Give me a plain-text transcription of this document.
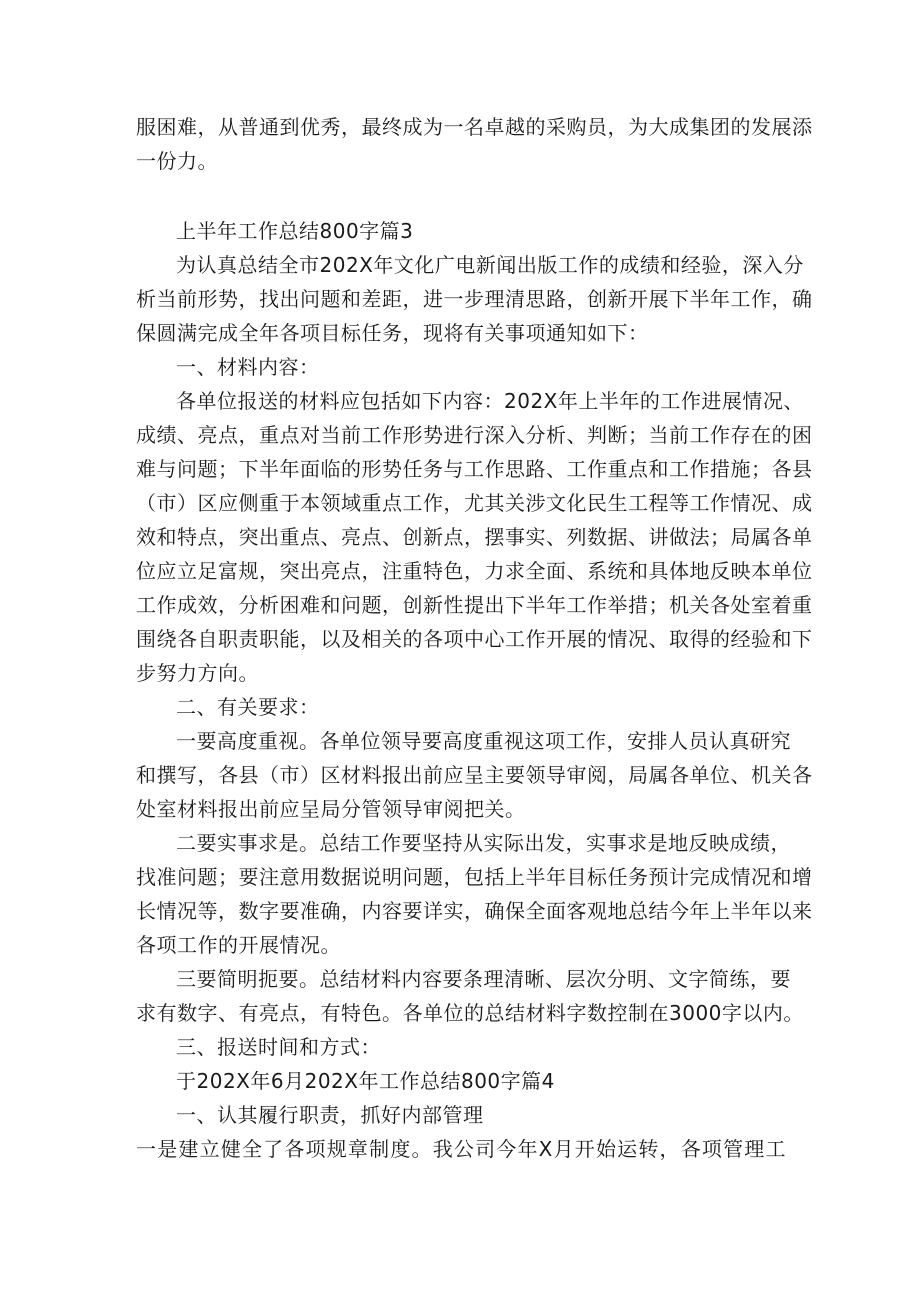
服困难，从普通到优秀，最终成为一名卓越的采购员，为大成集团的发展添
一份力。
上半年工作总结800字篇3
为认真总结全市202X年文化广电新闻出版工作的成绩和经验，深入分
析当前形势，找出问题和差距，进一步理清思路，创新开展下半年工作，确
保圆满完成全年各项目标任务，现将有关事项通知如下：
一、材料内容：
各单位报送的材料应包括如下内容：202X年上半年的工作进展情况、
成绩、亮点，重点对当前工作形势进行深入分析、判断；当前工作存在的困
难与问题；下半年面临的形势任务与工作思路、工作重点和工作措施；各县
（市）区应侧重于本领域重点工作，尤其关涉文化民生工程等工作情况、成
效和特点，突出重点、亮点、创新点，摆事实、列数据、讲做法；局属各单
位应立足富规，突出亮点，注重特色，力求全面、系统和具体地反映本单位
工作成效，分析困难和问题，创新性提出下半年工作举措；机关各处室着重
围绕各自职责职能，以及相关的各项中心工作开展的情况、取得的经验和下
步努力方向。
二、有关要求：
一要高度重视。各单位领导要高度重视这项工作，安排人员认真研究
和撰写，各县（市）区材料报出前应呈主要领导审阅，局属各单位、机关各
处室材料报出前应呈局分管领导审阅把关。
二要实事求是。总结工作要坚持从实际出发，实事求是地反映成绩，
找准问题；要注意用数据说明问题，包括上半年目标任务预计完成情况和增
长情况等，数字要准确，内容要详实，确保全面客观地总结今年上半年以来
各项工作的开展情况。
三要简明扼要。总结材料内容要条理清晰、层次分明、文字简练，要
求有数字、有亮点，有特色。各单位的总结材料字数控制在3000字以内。
三、报送时间和方式：
于202X年6月202X年工作总结800字篇4
一、认其履行职责，抓好内部管理
一是建立健全了各项规章制度。我公司今年X月开始运转，各项管理工
